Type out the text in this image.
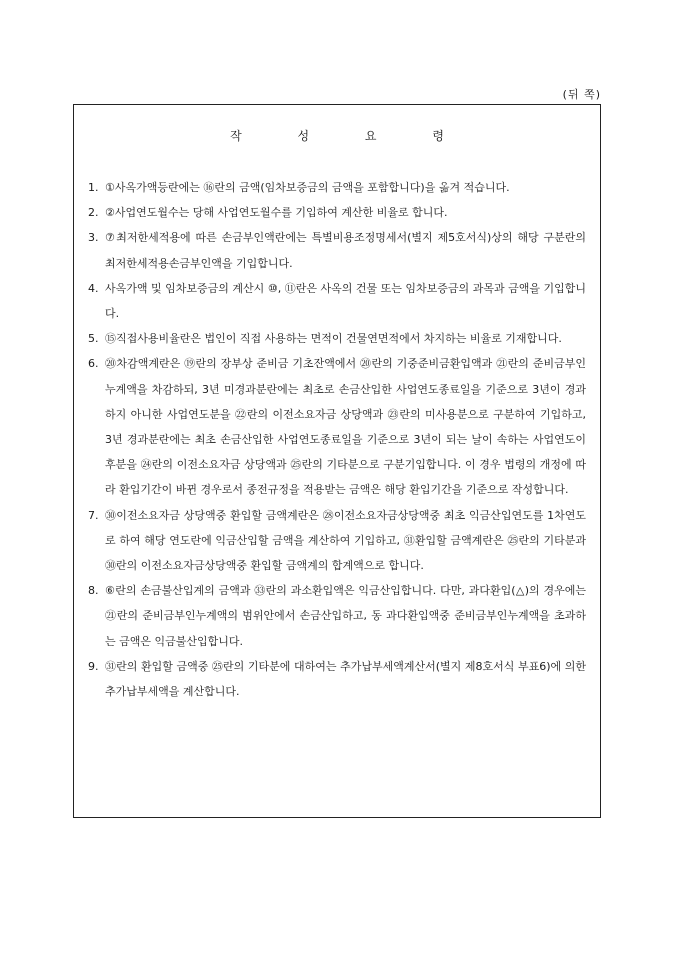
(뒤 쪽)
작 성 요 령
1. ①사옥가액등란에는 ⑯란의 금액(임차보증금의 금액을 포함합니다)을 옮겨 적습니다.
2. ②사업연도월수는 당해 사업연도월수를 기입하여 계산한 비율로 합니다.
3. ⑦최저한세적용에 따른 손금부인액란에는 특별비용조정명세서(별지 제5호서식)상의 해당 구분란의 최저한세적용손금부인액을 기입합니다.
4. 사옥가액 및 임차보증금의 계산시 ⑩, ⑪란은 사옥의 건물 또는 임차보증금의 과목과 금액을 기입합니다.
5. ⑮직접사용비율란은 법인이 직접 사용하는 면적이 건물연면적에서 차지하는 비율로 기재합니다.
6. ⑳차감액계란은 ⑲란의 장부상 준비금 기초잔액에서 ⑳란의 기중준비금환입액과 ㉑란의 준비금부인누계액을 차감하되, 3년 미경과분란에는 최초로 손금산입한 사업연도종료일을 기준으로 3년이 경과하지 아니한 사업연도분을 ㉒란의 이전소요자금 상당액과 ㉓란의 미사용분으로 구분하여 기입하고, 3년 경과분란에는 최초 손금산입한 사업연도종료일을 기준으로 3년이 되는 날이 속하는 사업연도이후분을 ㉔란의 이전소요자금 상당액과 ㉕란의 기타분으로 구분기입합니다. 이 경우 법령의 개정에 따라 환입기간이 바뀐 경우로서 종전규정을 적용받는 금액은 해당 환입기간을 기준으로 작성합니다.
7. ㉚이전소요자금 상당액중 환입할 금액계란은 ㉘이전소요자금상당액중 최초 익금산입연도를 1차연도로 하여 해당 연도란에 익금산입할 금액을 계산하여 기입하고, ㉛환입할 금액계란은 ㉕란의 기타분과 ㉚란의 이전소요자금상당액중 환입할 금액계의 합계액으로 합니다.
8. ⑥란의 손금불산입계의 금액과 ㉝란의 과소환입액은 익금산입합니다. 다만, 과다환입(△)의 경우에는 ㉑란의 준비금부인누계액의 범위안에서 손금산입하고, 동 과다환입액중 준비금부인누계액을 초과하는 금액은 익금불산입합니다.
9. ㉛란의 환입할 금액중 ㉕란의 기타분에 대하여는 추가납부세액계산서(별지 제8호서식 부표6)에 의한 추가납부세액을 계산합니다.
